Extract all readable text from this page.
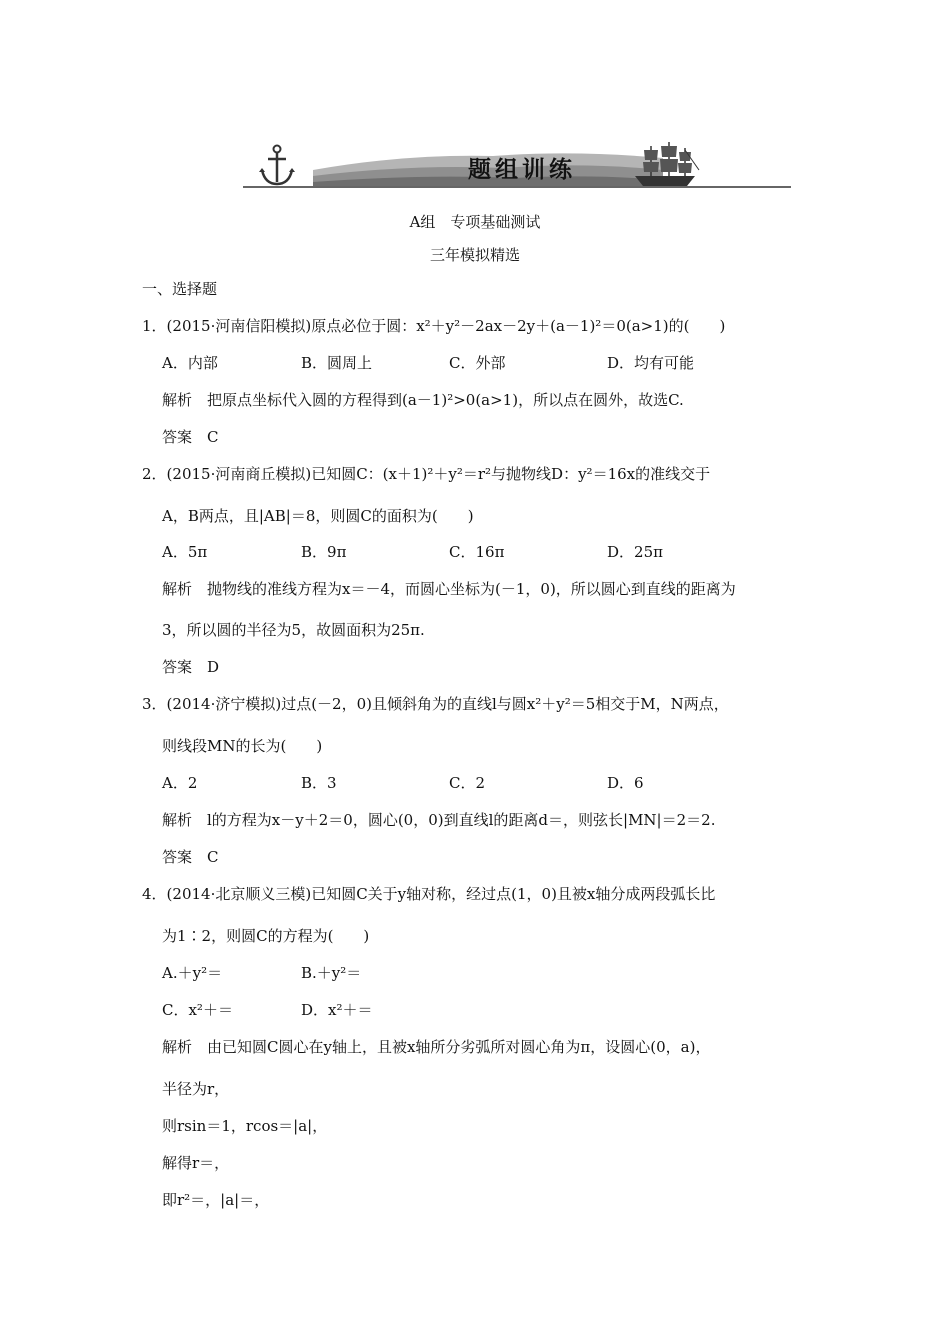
题组训练
A组　专项基础测试
三年模拟精选
一、选择题
1．(2015·河南信阳模拟)原点必位于圆：x²＋y²－2ax－2y＋(a－1)²＝0(a>1)的(　　)
A．内部	B．圆周上	C．外部	D．均有可能
解析　把原点坐标代入圆的方程得到(a－1)²>0(a>1)，所以点在圆外，故选C.
答案　C
2．(2015·河南商丘模拟)已知圆C：(x＋1)²＋y²＝r²与抛物线D：y²＝16x的准线交于
A，B两点，且|AB|＝8，则圆C的面积为(　　)
A．5π	B．9π	C．16π	D．25π
解析　抛物线的准线方程为x＝－4，而圆心坐标为(－1，0)，所以圆心到直线的距离为
3，所以圆的半径为5，故圆面积为25π.
答案　D
3．(2014·济宁模拟)过点(－2，0)且倾斜角为的直线l与圆x²＋y²＝5相交于M，N两点，
则线段MN的长为(　　)
A．2	B．3	C．2	D．6
解析　l的方程为x－y＋2＝0，圆心(0，0)到直线l的距离d＝，则弦长|MN|＝2＝2.
答案　C
4．(2014·北京顺义三模)已知圆C关于y轴对称，经过点(1，0)且被x轴分成两段弧长比
为1∶2，则圆C的方程为(　　)
A.＋y²＝	B.＋y²＝
C．x²＋＝	D．x²＋＝
解析　由已知圆C圆心在y轴上，且被x轴所分劣弧所对圆心角为π，设圆心(0，a)，
半径为r，
则rsin＝1，rcos＝|a|，
解得r＝，
即r²＝，|a|＝，
